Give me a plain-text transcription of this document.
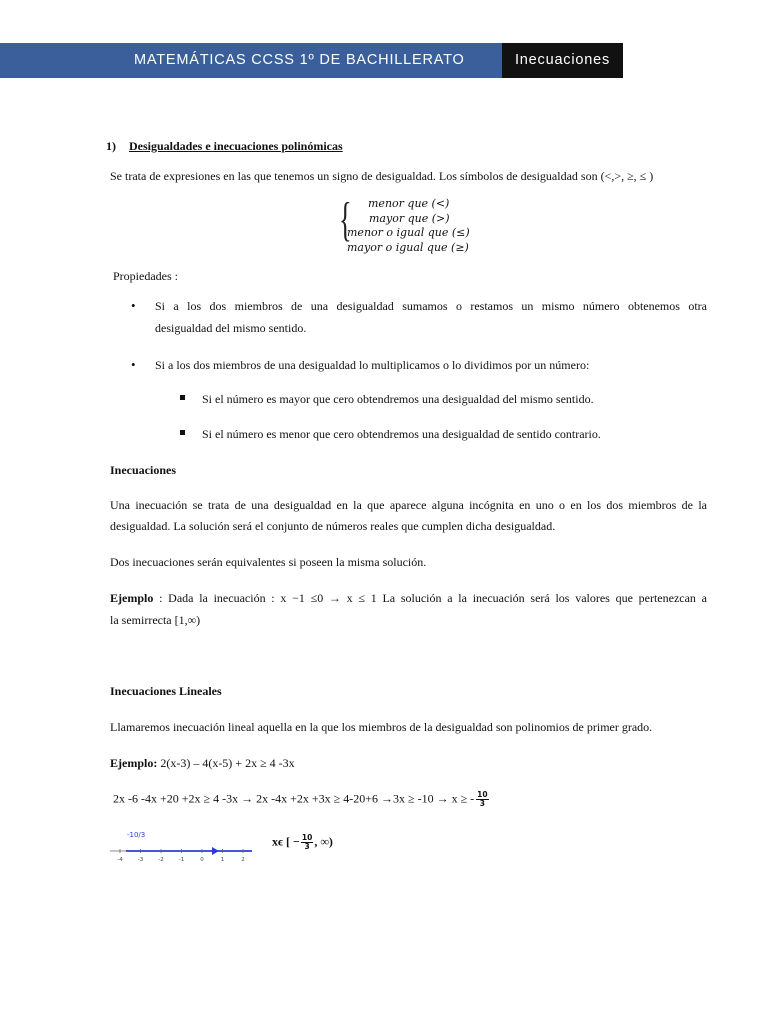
MATEMÁTICAS CCSS 1º DE BACHILLERATO	Inecuaciones
1) Desigualdades e inecuaciones polinómicas
Se trata de expresiones en las que tenemos un signo de desigualdad. Los símbolos de desigualdad son (<,>, ≥, ≤ )
{ menor que (<)
mayor que (>)
menor o igual que (≤)
mayor o igual que (≥)
Propiedades :
• Si a los dos miembros de una desigualdad sumamos o restamos un mismo número obtenemos otra
desigualdad del mismo sentido.
• Si a los dos miembros de una desigualdad lo multiplicamos o lo dividimos por un número:
Si el número es mayor que cero obtendremos una desigualdad del mismo sentido.
Si el número es menor que cero obtendremos una desigualdad de sentido contrario.
Inecuaciones
Una inecuación se trata de una desigualdad en la que aparece alguna incógnita en uno o en los dos miembros de la
desigualdad. La solución será el conjunto de números reales que cumplen dicha desigualdad.
Dos inecuaciones serán equivalentes si poseen la misma solución.
Ejemplo : Dada la inecuación : x −1 ≤0 → x ≤ 1 La solución a la inecuación será los valores que pertenezcan a
la semirrecta [1,∞)
Inecuaciones Lineales
Llamaremos inecuación lineal aquella en la que los miembros de la desigualdad son polinomios de primer grado.
Ejemplo: 2(x-3) – 4(x-5) + 2x ≥ 4 -3x
2x -6 -4x +20 +2x ≥ 4 -3x → 2x -4x +2x +3x ≥ 4-20+6 →3x ≥ -10 → x ≥ - $\frac{10}{3}$
-10/3
-4	-3	-2	-1	0	1	2
xϵ [ − $\frac{10}{3}$ , ∞)
